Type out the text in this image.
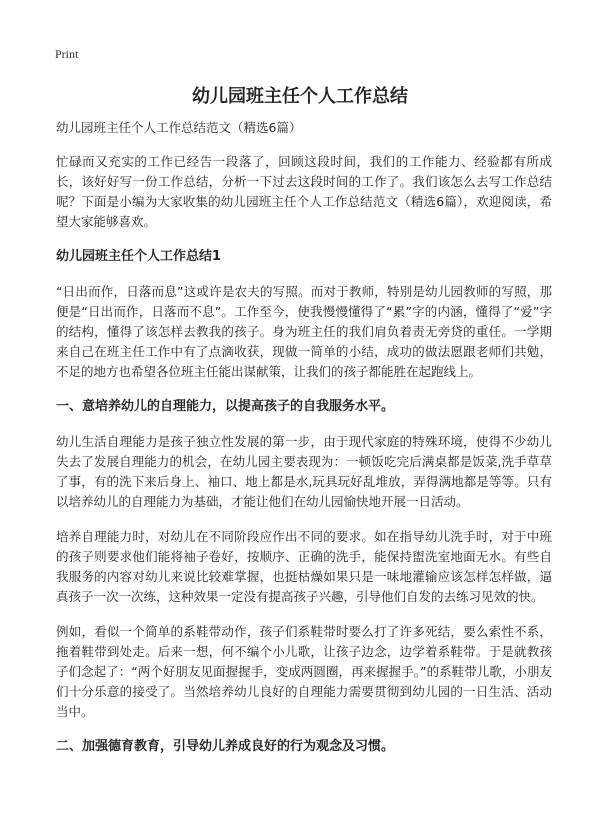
Print
幼儿园班主任个人工作总结

幼儿园班主任个人工作总结范文（精选6篇）

忙碌而又充实的工作已经告一段落了，回顾这段时间，我们的工作能力、经验都有所成长，该好好写一份工作总结，分析一下过去这段时间的工作了。我们该怎么去写工作总结呢？下面是小编为大家收集的幼儿园班主任个人工作总结范文（精选6篇），欢迎阅读，希望大家能够喜欢。

幼儿园班主任个人工作总结1

“日出而作，日落而息”这或许是农夫的写照。而对于教师，特别是幼儿园教师的写照，那便是“日出而作，日落而不息”。工作至今，使我慢慢懂得了“累”字的内涵，懂得了“爱”字的结构，懂得了该怎样去教我的孩子。身为班主任的我们肩负着责无旁贷的重任。一学期来自己在班主任工作中有了点滴收获，现做一简单的小结，成功的做法愿跟老师们共勉，不足的地方也希望各位班主任能出谋献策，让我们的孩子都能胜在起跑线上。

一、意培养幼儿的自理能力，以提高孩子的自我服务水平。

幼儿生活自理能力是孩子独立性发展的第一步，由于现代家庭的特殊环境，使得不少幼儿失去了发展自理能力的机会，在幼儿园主要表现为：一顿饭吃完后满桌都是饭菜,洗手草草了事，有的洗下来后身上、袖口、地上都是水,玩具玩好乱堆放，弄得满地都是等等。只有以培养幼儿的自理能力为基础，才能让他们在幼儿园愉快地开展一日活动。

培养自理能力时，对幼儿在不同阶段应作出不同的要求。如在指导幼儿洗手时，对于中班的孩子则要求他们能将袖子卷好，按顺序、正确的洗手，能保持盥洗室地面无水。有些自我服务的内容对幼儿来说比较难掌握，也挺枯燥如果只是一味地灌输应该怎样怎样做，逼真孩子一次一次练，这种效果一定没有提高孩子兴趣，引导他们自发的去练习见效的快。

例如，看似一个简单的系鞋带动作，孩子们系鞋带时要么打了许多死结，要么索性不系，拖着鞋带到处走。后来一想，何不编个小儿歌，让孩子边念，边学着系鞋带。于是就教孩子们念起了：“两个好朋友见面握握手，变成两圆圈，再来握握手。”的系鞋带儿歌，小朋友们十分乐意的接受了。当然培养幼儿良好的自理能力需要贯彻到幼儿园的一日生活、活动当中。

二、加强德育教育，引导幼儿养成良好的行为观念及习惯。
